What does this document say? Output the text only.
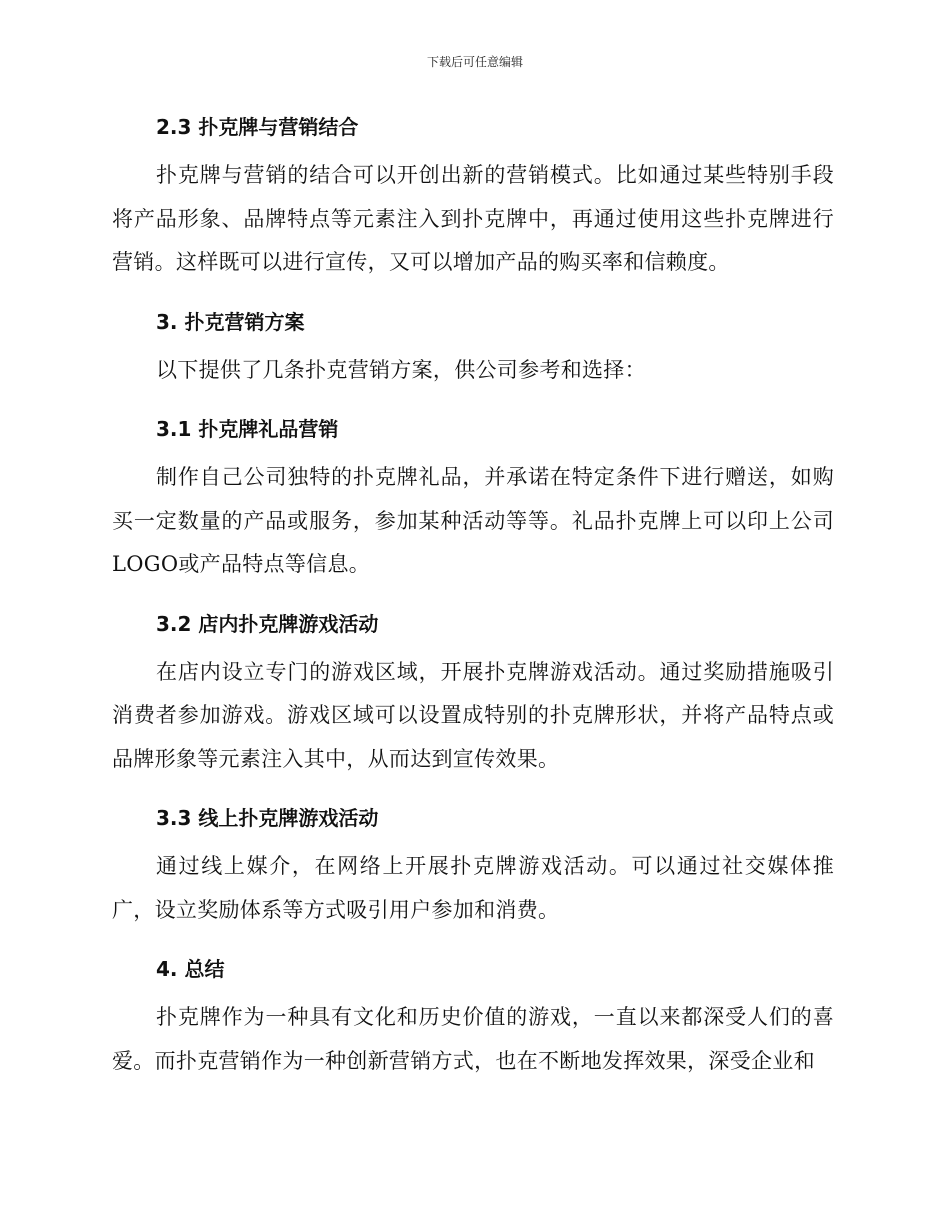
下载后可任意编辑
2.3 扑克牌与营销结合

扑克牌与营销的结合可以开创出新的营销模式。比如通过某些特别手段将产品形象、品牌特点等元素注入到扑克牌中，再通过使用这些扑克牌进行营销。这样既可以进行宣传，又可以增加产品的购买率和信赖度。

3. 扑克营销方案

以下提供了几条扑克营销方案，供公司参考和选择：

3.1 扑克牌礼品营销

制作自己公司独特的扑克牌礼品，并承诺在特定条件下进行赠送，如购买一定数量的产品或服务，参加某种活动等等。礼品扑克牌上可以印上公司LOGO或产品特点等信息。

3.2 店内扑克牌游戏活动

在店内设立专门的游戏区域，开展扑克牌游戏活动。通过奖励措施吸引消费者参加游戏。游戏区域可以设置成特别的扑克牌形状，并将产品特点或品牌形象等元素注入其中，从而达到宣传效果。

3.3 线上扑克牌游戏活动

通过线上媒介，在网络上开展扑克牌游戏活动。可以通过社交媒体推广，设立奖励体系等方式吸引用户参加和消费。

4. 总结

扑克牌作为一种具有文化和历史价值的游戏，一直以来都深受人们的喜爱。而扑克营销作为一种创新营销方式，也在不断地发挥效果，深受企业和
